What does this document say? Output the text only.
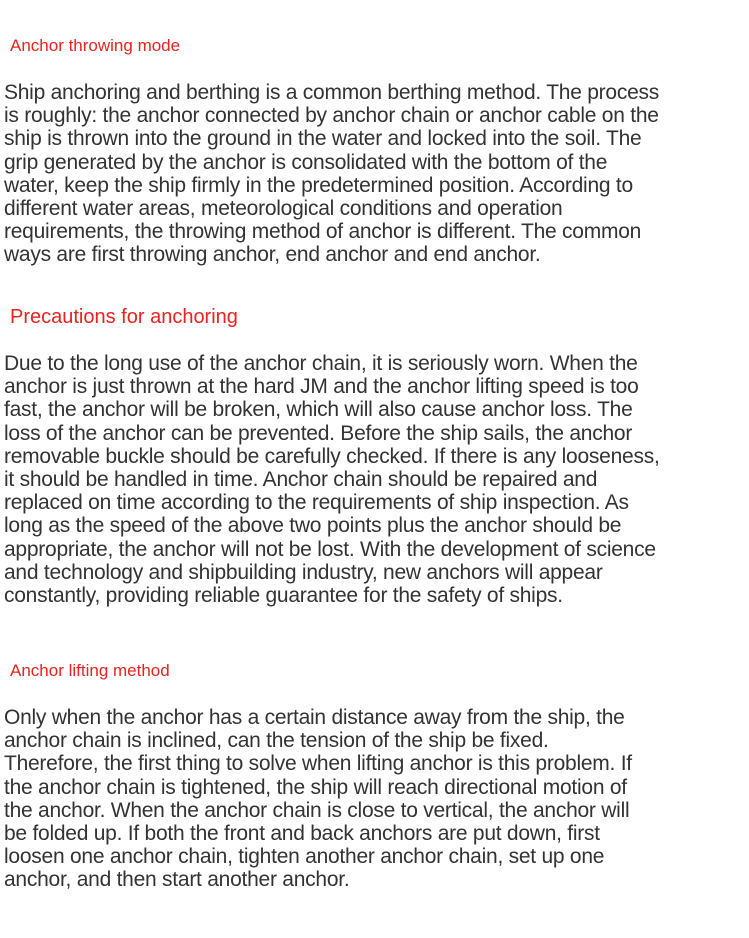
Anchor throwing mode

Ship anchoring and berthing is a common berthing method. The process
is roughly: the anchor connected by anchor chain or anchor cable on the
ship is thrown into the ground in the water and locked into the soil. The
grip generated by the anchor is consolidated with the bottom of the
water, keep the ship firmly in the predetermined position. According to
different water areas, meteorological conditions and operation
requirements, the throwing method of anchor is different. The common
ways are first throwing anchor, end anchor and end anchor.

Precautions for anchoring

Due to the long use of the anchor chain, it is seriously worn. When the
anchor is just thrown at the hard JM and the anchor lifting speed is too
fast, the anchor will be broken, which will also cause anchor loss. The
loss of the anchor can be prevented. Before the ship sails, the anchor
removable buckle should be carefully checked. If there is any looseness,
it should be handled in time. Anchor chain should be repaired and
replaced on time according to the requirements of ship inspection. As
long as the speed of the above two points plus the anchor should be
appropriate, the anchor will not be lost. With the development of science
and technology and shipbuilding industry, new anchors will appear
constantly, providing reliable guarantee for the safety of ships.

Anchor lifting method

Only when the anchor has a certain distance away from the ship, the
anchor chain is inclined, can the tension of the ship be fixed.
Therefore, the first thing to solve when lifting anchor is this problem. If
the anchor chain is tightened, the ship will reach directional motion of
the anchor. When the anchor chain is close to vertical, the anchor will
be folded up. If both the front and back anchors are put down, first
loosen one anchor chain, tighten another anchor chain, set up one
anchor, and then start another anchor.
